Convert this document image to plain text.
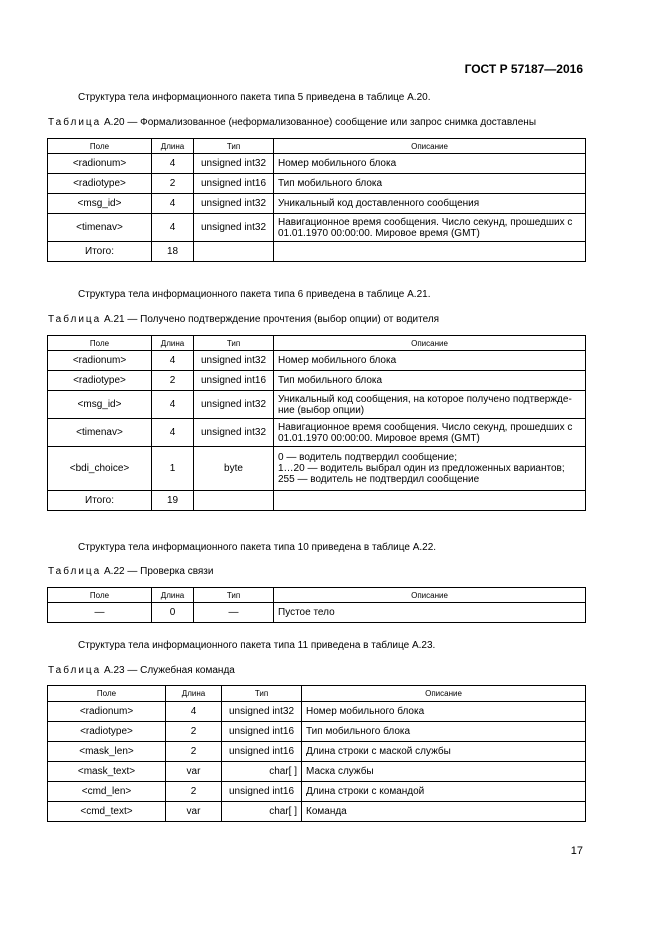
ГОСТ Р 57187—2016
Структура тела информационного пакета типа 5 приведена в таблице А.20.
Таблица А.20 — Формализованное (неформализованное) сообщение или запрос снимка доставлены
Поле	Длина	Тип	Описание
<radionum>	4	unsigned int32	Номер мобильного блока
<radiotype>	2	unsigned int16	Тип мобильного блока
<msg_id>	4	unsigned int32	Уникальный код доставленного сообщения
<timenav>	4	unsigned int32	Навигационное время сообщения. Число секунд, прошедших с 01.01.1970 00:00:00. Мировое время (GMT)
Итого:	18		
Структура тела информационного пакета типа 6 приведена в таблице А.21.
Таблица А.21 — Получено подтверждение прочтения (выбор опции) от водителя
Поле	Длина	Тип	Описание
<radionum>	4	unsigned int32	Номер мобильного блока
<radiotype>	2	unsigned int16	Тип мобильного блока
<msg_id>	4	unsigned int32	Уникальный код сообщения, на которое получено подтвержде-ние (выбор опции)
<timenav>	4	unsigned int32	Навигационное время сообщения. Число секунд, прошедших с 01.01.1970 00:00:00. Мировое время (GMT)
<bdi_choice>	1	byte	0 — водитель подтвердил сообщение;
1…20 — водитель выбрал один из предложенных вариантов;
255 — водитель не подтвердил сообщение
Итого:	19		
Структура тела информационного пакета типа 10 приведена в таблице А.22.
Таблица А.22 — Проверка связи
Поле	Длина	Тип	Описание
—	0	—	Пустое тело
Структура тела информационного пакета типа 11 приведена в таблице А.23.
Таблица А.23 — Служебная команда
Поле	Длина	Тип	Описание
<radionum>	4	unsigned int32	Номер мобильного блока
<radiotype>	2	unsigned int16	Тип мобильного блока
<mask_len>	2	unsigned int16	Длина строки с маской службы
<mask_text>	var	char[ ]	Маска службы
<cmd_len>	2	unsigned int16	Длина строки с командой
<cmd_text>	var	char[ ]	Команда
17
